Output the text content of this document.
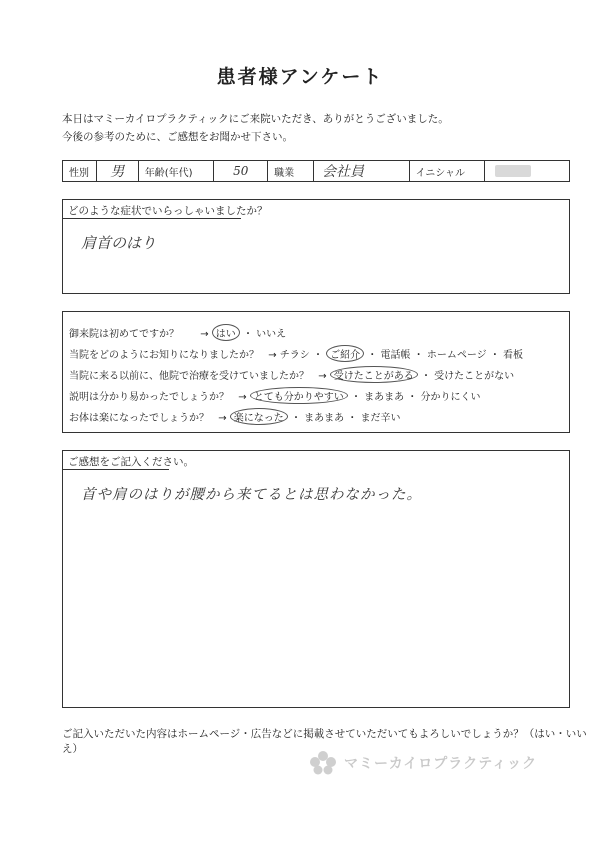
患者様アンケート
本日はマミーカイロプラクティックにご来院いただき、ありがとうございました。
今後の参考のために、ご感想をお聞かせ下さい。
性別	男	年齢(年代)	50	職業	会社員	イニシャル
どのような症状でいらっしゃいましたか？
肩首のはり
御来院は初めてですか？ → はい ・ いいえ
当院をどのようにお知りになりましたか？ → チラシ ・ ご紹介 ・ 電話帳 ・ ホームページ ・ 看板
当院に来る以前に、他院で治療を受けていましたか？ → 受けたことがある ・ 受けたことがない
説明は分かり易かったでしょうか？ → とても分かりやすい ・ まあまあ ・ 分かりにくい
お体は楽になったでしょうか？ → 楽になった ・ まあまあ ・ まだ辛い
ご感想をご記入ください。
首や肩のはりが腰から来てるとは思わなかった。
ご記入いただいた内容はホームページ・広告などに掲載させていただいてもよろしいでしょうか？（はい・いいえ）
マミーカイロプラクティック
